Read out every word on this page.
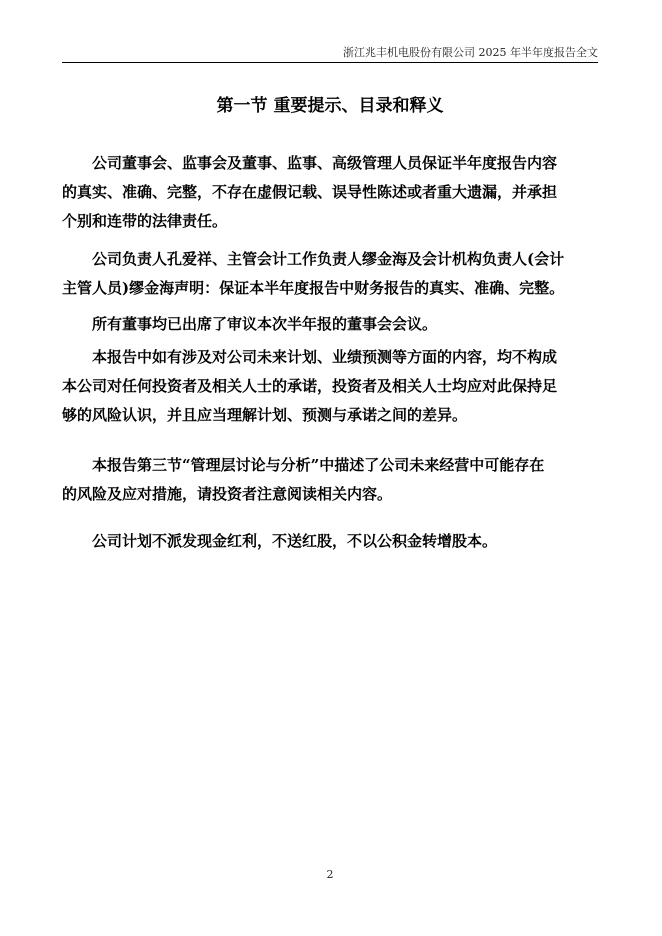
浙江兆丰机电股份有限公司 2025 年半年度报告全文
第一节 重要提示、目录和释义
公司董事会、监事会及董事、监事、高级管理人员保证半年度报告内容
的真实、准确、完整，不存在虚假记载、误导性陈述或者重大遗漏，并承担
个别和连带的法律责任。
公司负责人孔爱祥、主管会计工作负责人缪金海及会计机构负责人(会计
主管人员)缪金海声明：保证本半年度报告中财务报告的真实、准确、完整。
所有董事均已出席了审议本次半年报的董事会会议。
本报告中如有涉及对公司未来计划、业绩预测等方面的内容，均不构成
本公司对任何投资者及相关人士的承诺，投资者及相关人士均应对此保持足
够的风险认识，并且应当理解计划、预测与承诺之间的差异。
本报告第三节“管理层讨论与分析”中描述了公司未来经营中可能存在
的风险及应对措施，请投资者注意阅读相关内容。
公司计划不派发现金红利，不送红股，不以公积金转增股本。
2
